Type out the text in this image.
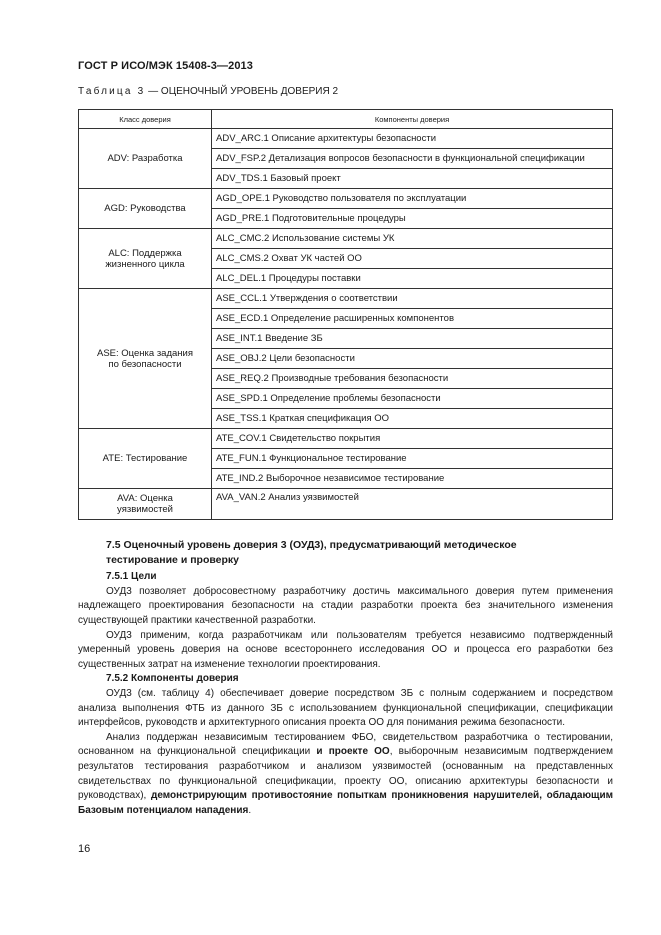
ГОСТ Р ИСО/МЭК 15408-3—2013
Таблица 3 — ОЦЕНОЧНЫЙ УРОВЕНЬ ДОВЕРИЯ 2
Класс доверия	Компоненты доверия
ADV: Разработка	ADV_ARC.1 Описание архитектуры безопасности
	ADV_FSP.2 Детализация вопросов безопасности в функциональной спецификации
	ADV_TDS.1 Базовый проект
AGD: Руководства	AGD_OPE.1 Руководство пользователя по эксплуатации
	AGD_PRE.1 Подготовительные процедуры
ALC: Поддержка
жизненного цикла	ALC_CMC.2 Использование системы УК
	ALC_CMS.2 Охват УК частей ОО
	ALC_DEL.1 Процедуры поставки
ASE: Оценка задания
по безопасности	ASE_CCL.1 Утверждения о соответствии
	ASE_ECD.1 Определение расширенных компонентов
	ASE_INT.1 Введение ЗБ
	ASE_OBJ.2 Цели безопасности
	ASE_REQ.2 Производные требования безопасности
	ASE_SPD.1 Определение проблемы безопасности
	ASE_TSS.1 Краткая спецификация ОО
ATE: Тестирование	ATE_COV.1 Свидетельство покрытия
	ATE_FUN.1 Функциональное тестирование
	ATE_IND.2 Выборочное независимое тестирование
AVA: Оценка
уязвимостей	AVA_VAN.2 Анализ уязвимостей

7.5 Оценочный уровень доверия 3 (ОУД3), предусматривающий методическое
тестирование и проверку

7.5.1 Цели

ОУД3 позволяет добросовестному разработчику достичь максимального доверия путем применения надлежащего проектирования безопасности на стадии разработки проекта без значительного изменения существующей практики качественной разработки.

ОУД3 применим, когда разработчикам или пользователям требуется независимо подтвержденный умеренный уровень доверия на основе всестороннего исследования ОО и процесса его разработки без существенных затрат на изменение технологии проектирования.

7.5.2 Компоненты доверия

ОУД3 (см. таблицу 4) обеспечивает доверие посредством ЗБ с полным содержанием и посредством анализа выполнения ФТБ из данного ЗБ с использованием функциональной спецификации, спецификации интерфейсов, руководств и архитектурного описания проекта ОО для понимания режима безопасности.

Анализ поддержан независимым тестированием ФБО, свидетельством разработчика о тестировании, основанном на функциональной спецификации и проекте ОО, выборочным независимым подтверждением результатов тестирования разработчиком и анализом уязвимостей (основанным на представленных свидетельствах по функциональной спецификации, проекту ОО, описанию архитектуры безопасности и руководствах), демонстрирующим противостояние попыткам проникновения нарушителей, обладающим Базовым потенциалом нападения.

16
